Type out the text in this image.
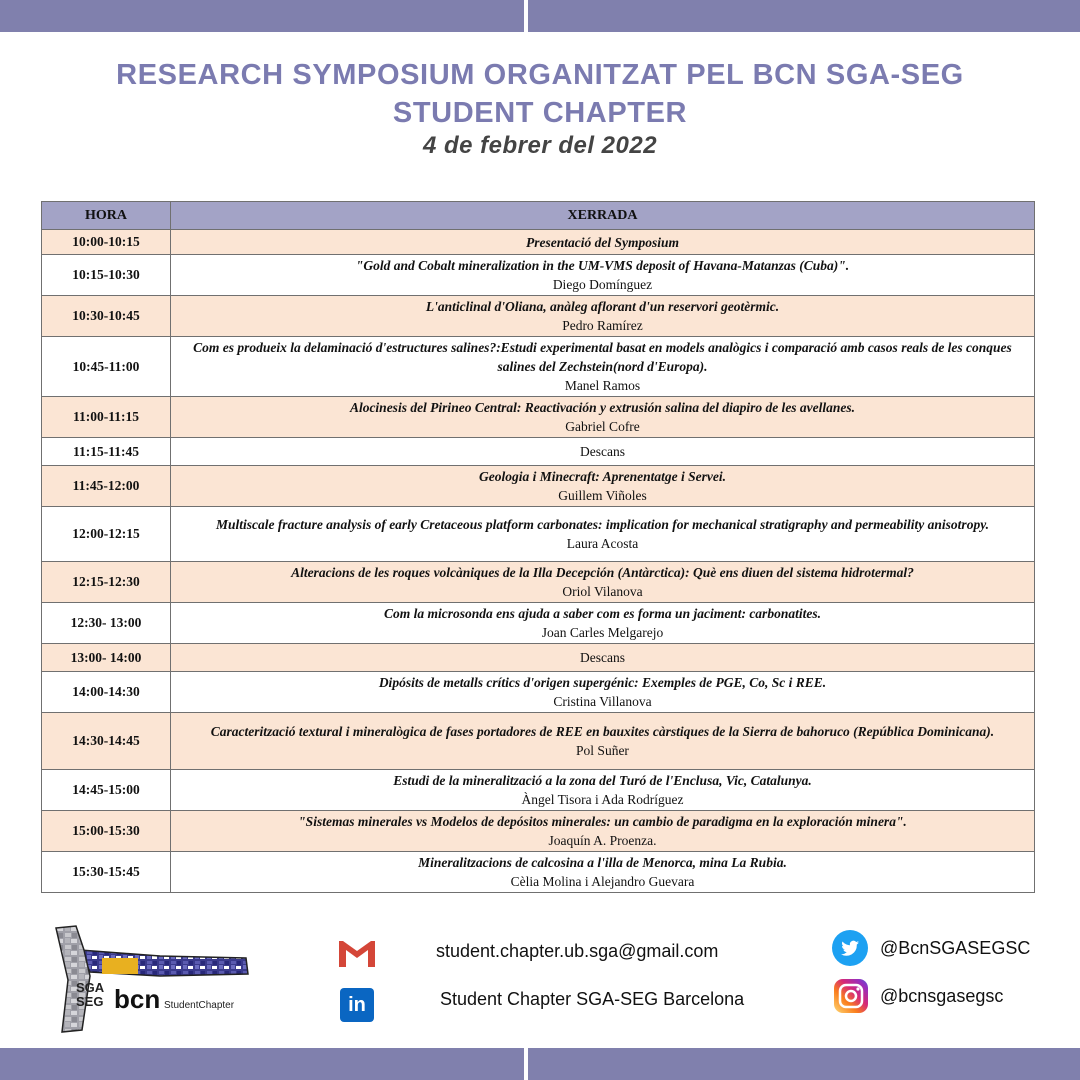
RESEARCH SYMPOSIUM ORGANITZAT PEL BCN SGA-SEG
STUDENT CHAPTER
4 de febrer del 2022
HORA	XERRADA
10:00-10:15	Presentació del Symposium

10:15-10:30	"Gold and Cobalt mineralization in the UM-VMS deposit of Havana-Matanzas (Cuba)".
Diego Domínguez

10:30-10:45	L'anticlinal d'Oliana, anàleg aflorant d'un reservori geotèrmic.
Pedro Ramírez

10:45-11:00	Com es produeix la delaminació d'estructures salines?:Estudi experimental basat en models analògics i comparació amb casos reals de les conques salines del Zechstein(nord d'Europa).
Manel Ramos

11:00-11:15	Alocinesis del Pirineo Central: Reactivación y extrusión salina del diapiro de les avellanes.
Gabriel Cofre

11:15-11:45	Descans

11:45-12:00	Geologia i Minecraft: Aprenentatge i Servei.
Guillem Viñoles

12:00-12:15	Multiscale fracture analysis of early Cretaceous platform carbonates: implication for mechanical stratigraphy and permeability anisotropy.
Laura Acosta

12:15-12:30	Alteracions de les roques volcàniques de la Illa Decepción (Antàrctica): Què ens diuen del sistema hidrotermal?
Oriol Vilanova

12:30- 13:00	Com la microsonda ens ajuda a saber com es forma un jaciment: carbonatites.
Joan Carles Melgarejo

13:00- 14:00	Descans

14:00-14:30	Dipósits de metalls crítics d'origen supergénic: Exemples de PGE, Co, Sc i REE.
Cristina Villanova

14:30-14:45	Caracterització textural i mineralògica de fases portadores de REE en bauxites càrstiques de la Sierra de bahoruco (República Dominicana).
Pol Suñer

14:45-15:00	Estudi de la mineralització a la zona del Turó de l'Enclusa, Vic, Catalunya.
Àngel Tisora i Ada Rodríguez

15:00-15:30	"Sistemas minerales vs Modelos de depósitos minerales: un cambio de paradigma en la exploración minera".
Joaquín A. Proenza.

15:30-15:45	Mineralitzacions de calcosina a l'illa de Menorca, mina La Rubia.
Cèlia Molina i Alejandro Guevara
SGA
SEG bcn StudentChapter
student.chapter.ub.sga@gmail.com
in	Student Chapter SGA-SEG Barcelona
@BcnSGASEGSC
@bcnsgasegsc
